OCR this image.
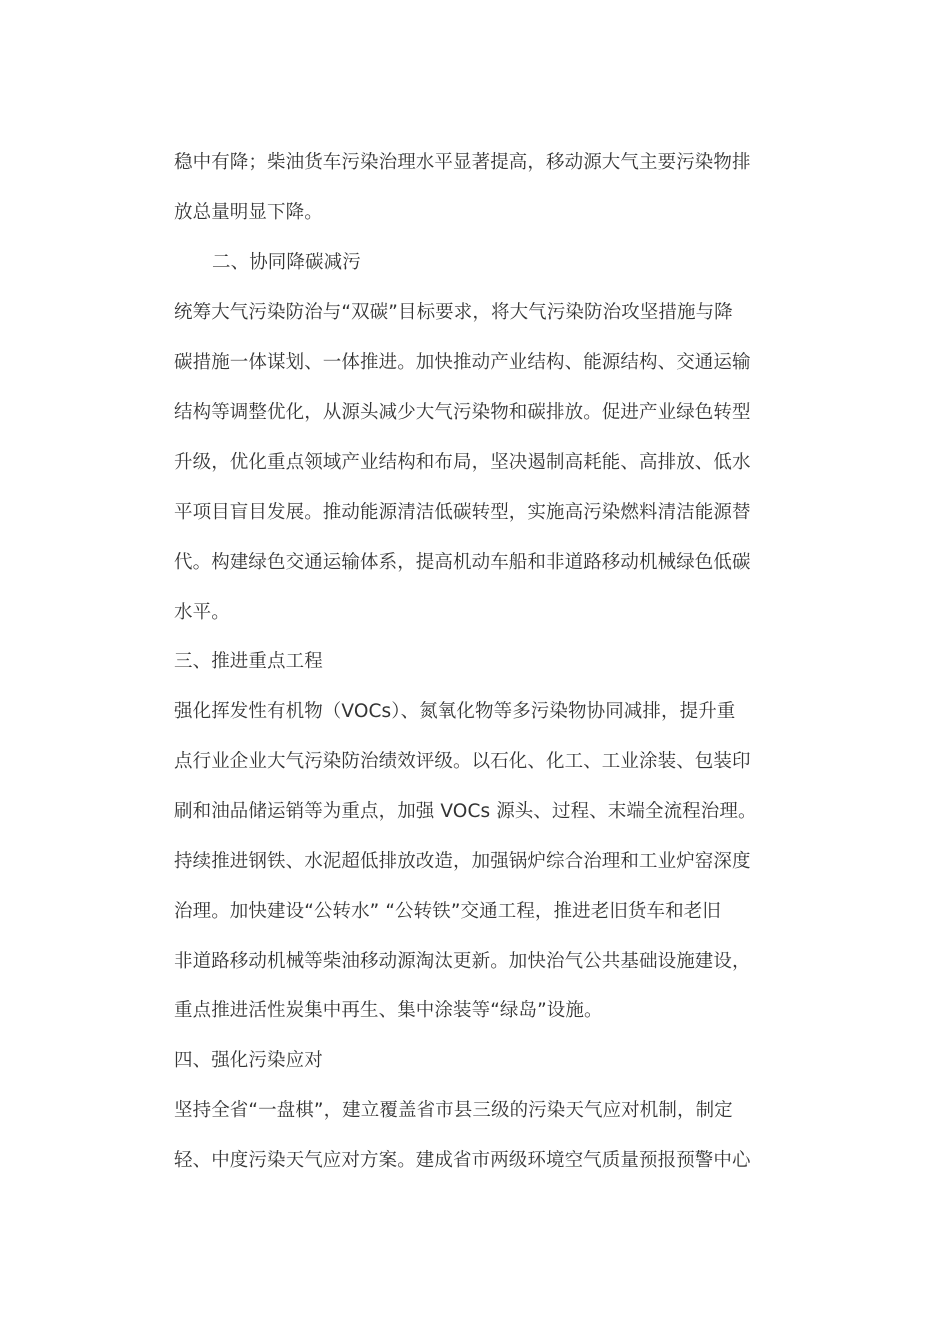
稳中有降；柴油货车污染治理水平显著提高，移动源大气主要污染物排
放总量明显下降。
二、协同降碳减污
统筹大气污染防治与“双碳”目标要求，将大气污染防治攻坚措施与降
碳措施一体谋划、一体推进。加快推动产业结构、能源结构、交通运输
结构等调整优化，从源头减少大气污染物和碳排放。促进产业绿色转型
升级，优化重点领域产业结构和布局，坚决遏制高耗能、高排放、低水
平项目盲目发展。推动能源清洁低碳转型，实施高污染燃料清洁能源替
代。构建绿色交通运输体系，提高机动车船和非道路移动机械绿色低碳
水平。
三、推进重点工程
强化挥发性有机物（VOCs）、氮氧化物等多污染物协同减排，提升重
点行业企业大气污染防治绩效评级。以石化、化工、工业涂装、包装印
刷和油品储运销等为重点，加强 VOCs 源头、过程、末端全流程治理。
持续推进钢铁、水泥超低排放改造，加强锅炉综合治理和工业炉窑深度
治理。加快建设“公转水” “公转铁”交通工程，推进老旧货车和老旧
非道路移动机械等柴油移动源淘汰更新。加快治气公共基础设施建设，
重点推进活性炭集中再生、集中涂装等“绿岛”设施。
四、强化污染应对
坚持全省“一盘棋”，建立覆盖省市县三级的污染天气应对机制，制定
轻、中度污染天气应对方案。建成省市两级环境空气质量预报预警中心
